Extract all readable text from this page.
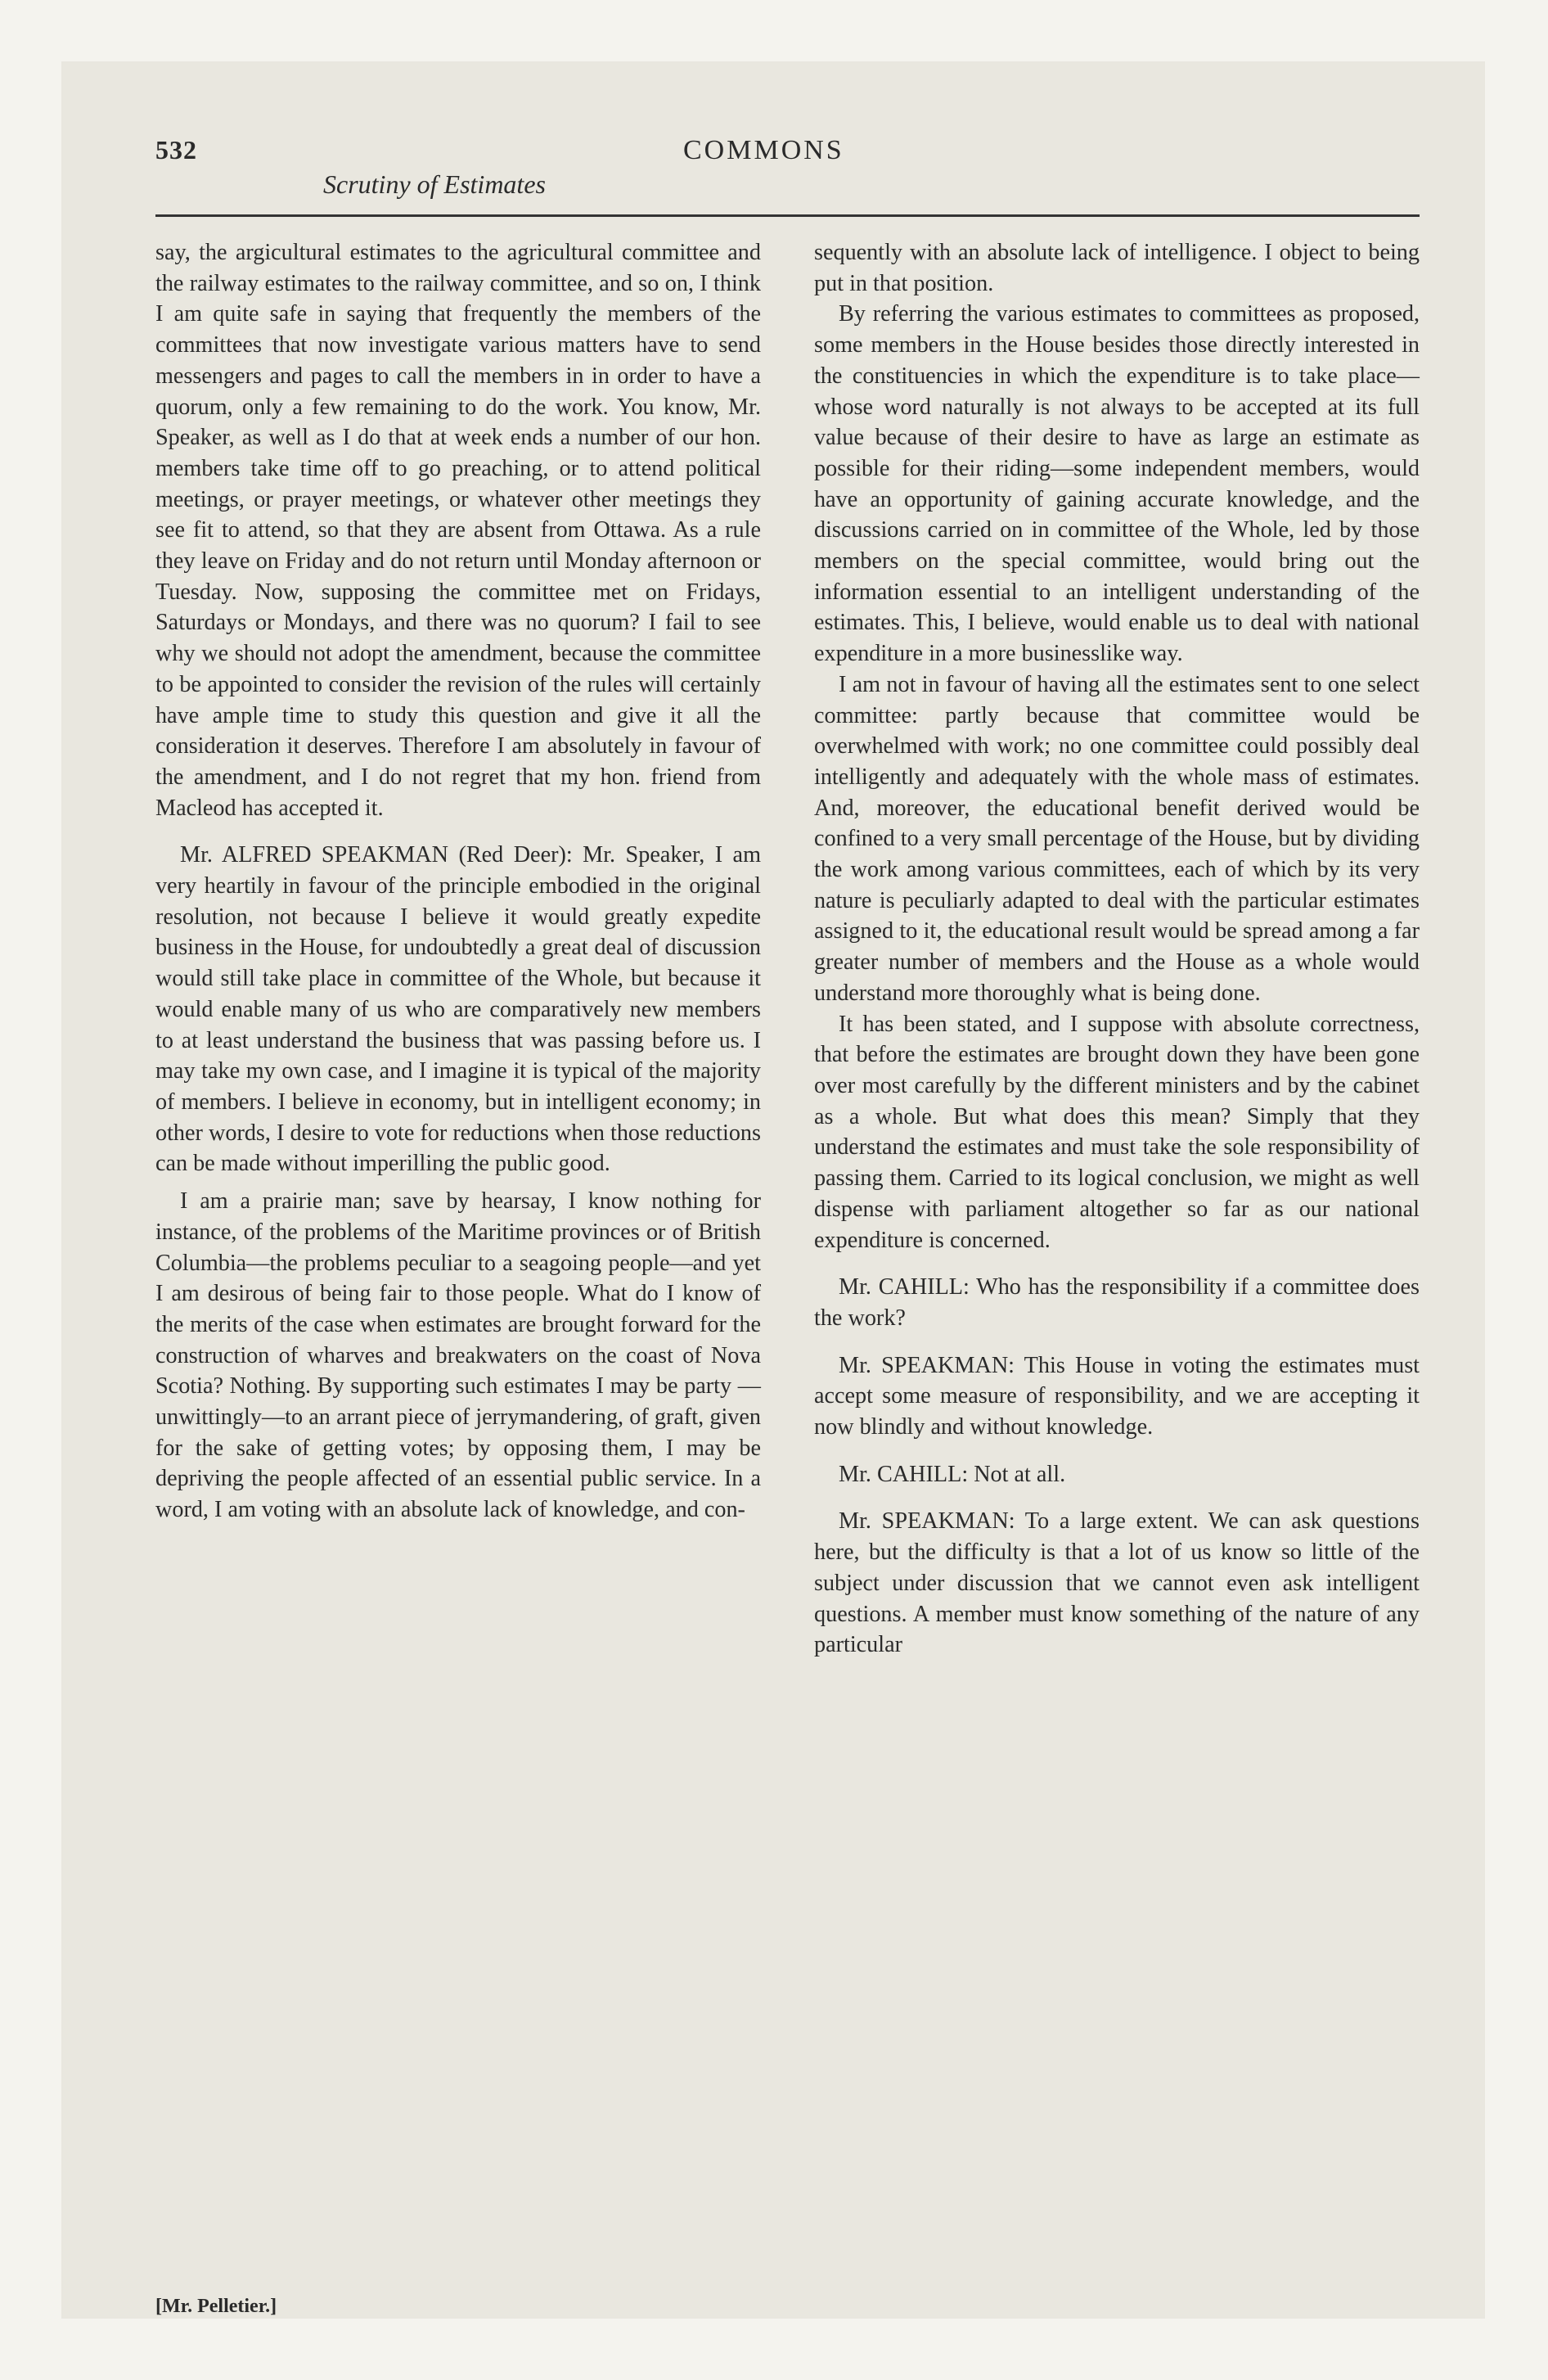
532	COMMONS
Scrutiny of Estimates

say, the argicultural estimates to the agricultural committee and the railway estimates to the railway committee, and so on, I think I am quite safe in saying that frequently the members of the committees that now investigate various matters have to send messengers and pages to call the members in in order to have a quorum, only a few remaining to do the work. You know, Mr. Speaker, as well as I do that at week ends a number of our hon. members take time off to go preaching, or to attend political meetings, or prayer meetings, or whatever other meetings they see fit to attend, so that they are absent from Ottawa. As a rule they leave on Friday and do not return until Monday afternoon or Tuesday. Now, supposing the committee met on Fridays, Saturdays or Mondays, and there was no quorum? I fail to see why we should not adopt the amendment, because the committee to be appointed to consider the revision of the rules will certainly have ample time to study this question and give it all the consideration it deserves. Therefore I am absolutely in favour of the amendment, and I do not regret that my hon. friend from Macleod has accepted it.

Mr. ALFRED SPEAKMAN (Red Deer): Mr. Speaker, I am very heartily in favour of the principle embodied in the original resolution, not because I believe it would greatly expedite business in the House, for undoubtedly a great deal of discussion would still take place in committee of the Whole, but because it would enable many of us who are comparatively new members to at least understand the business that was passing before us. I may take my own case, and I imagine it is typical of the majority of members. I believe in economy, but in intelligent economy; in other words, I desire to vote for reductions when those reductions can be made without imperilling the public good.

I am a prairie man; save by hearsay, I know nothing for instance, of the problems of the Maritime provinces or of British Columbia—the problems peculiar to a seagoing people—and yet I am desirous of being fair to those people. What do I know of the merits of the case when estimates are brought forward for the construction of wharves and breakwaters on the coast of Nova Scotia? Nothing. By supporting such estimates I may be party —unwittingly—to an arrant piece of jerrymandering, of graft, given for the sake of getting votes; by opposing them, I may be depriving the people affected of an essential public service. In a word, I am voting with an absolute lack of knowledge, and con-

sequently with an absolute lack of intelligence. I object to being put in that position.

By referring the various estimates to committees as proposed, some members in the House besides those directly interested in the constituencies in which the expenditure is to take place—whose word naturally is not always to be accepted at its full value because of their desire to have as large an estimate as possible for their riding—some independent members, would have an opportunity of gaining accurate knowledge, and the discussions carried on in committee of the Whole, led by those members on the special committee, would bring out the information essential to an intelligent understanding of the estimates. This, I believe, would enable us to deal with national expenditure in a more businesslike way.

I am not in favour of having all the estimates sent to one select committee: partly because that committee would be overwhelmed with work; no one committee could possibly deal intelligently and adequately with the whole mass of estimates. And, moreover, the educational benefit derived would be confined to a very small percentage of the House, but by dividing the work among various committees, each of which by its very nature is peculiarly adapted to deal with the particular estimates assigned to it, the educational result would be spread among a far greater number of members and the House as a whole would understand more thoroughly what is being done.

It has been stated, and I suppose with absolute correctness, that before the estimates are brought down they have been gone over most carefully by the different ministers and by the cabinet as a whole. But what does this mean? Simply that they understand the estimates and must take the sole responsibility of passing them. Carried to its logical conclusion, we might as well dispense with parliament altogether so far as our national expenditure is concerned.

Mr. CAHILL: Who has the responsibility if a committee does the work?

Mr. SPEAKMAN: This House in voting the estimates must accept some measure of responsibility, and we are accepting it now blindly and without knowledge.

Mr. CAHILL: Not at all.

Mr. SPEAKMAN: To a large extent. We can ask questions here, but the difficulty is that a lot of us know so little of the subject under discussion that we cannot even ask intelligent questions. A member must know something of the nature of any particular

[Mr. Pelletier.]
